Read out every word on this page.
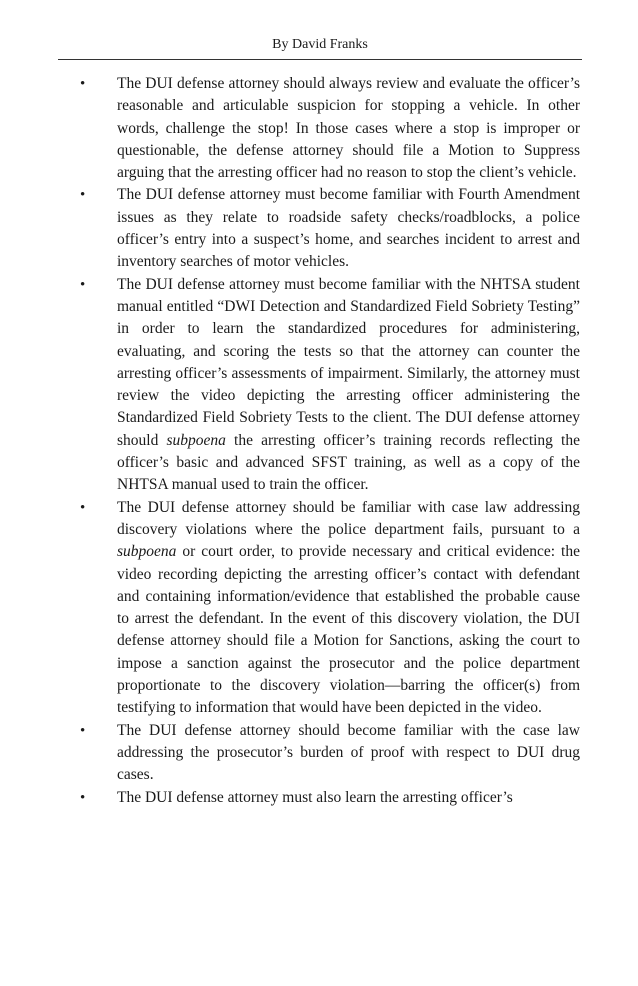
By David Franks
• The DUI defense attorney should always review and evaluate the officer’s reasonable and articulable suspicion for stopping a vehicle. In other words, challenge the stop! In those cases where a stop is improper or questionable, the defense attorney should file a Motion to Suppress arguing that the arresting officer had no reason to stop the client’s vehicle.
• The DUI defense attorney must become familiar with Fourth Amendment issues as they relate to roadside safety checks/roadblocks, a police officer’s entry into a suspect’s home, and searches incident to arrest and inventory searches of motor vehicles.
• The DUI defense attorney must become familiar with the NHTSA student manual entitled “DWI Detection and Standardized Field Sobriety Testing” in order to learn the standardized procedures for administering, evaluating, and scoring the tests so that the attorney can counter the arresting officer’s assessments of impairment. Similarly, the attorney must review the video depicting the arresting officer administering the Standardized Field Sobriety Tests to the client. The DUI defense attorney should subpoena the arresting officer’s training records reflecting the officer’s basic and advanced SFST training, as well as a copy of the NHTSA manual used to train the officer.
• The DUI defense attorney should be familiar with case law addressing discovery violations where the police department fails, pursuant to a subpoena or court order, to provide necessary and critical evidence: the video recording depicting the arresting officer’s contact with defendant and containing information/evidence that established the probable cause to arrest the defendant. In the event of this discovery violation, the DUI defense attorney should file a Motion for Sanctions, asking the court to impose a sanction against the prosecutor and the police department proportionate to the discovery violation—barring the officer(s) from testifying to information that would have been depicted in the video.
• The DUI defense attorney should become familiar with the case law addressing the prosecutor’s burden of proof with respect to DUI drug cases.
• The DUI defense attorney must also learn the arresting officer’s
